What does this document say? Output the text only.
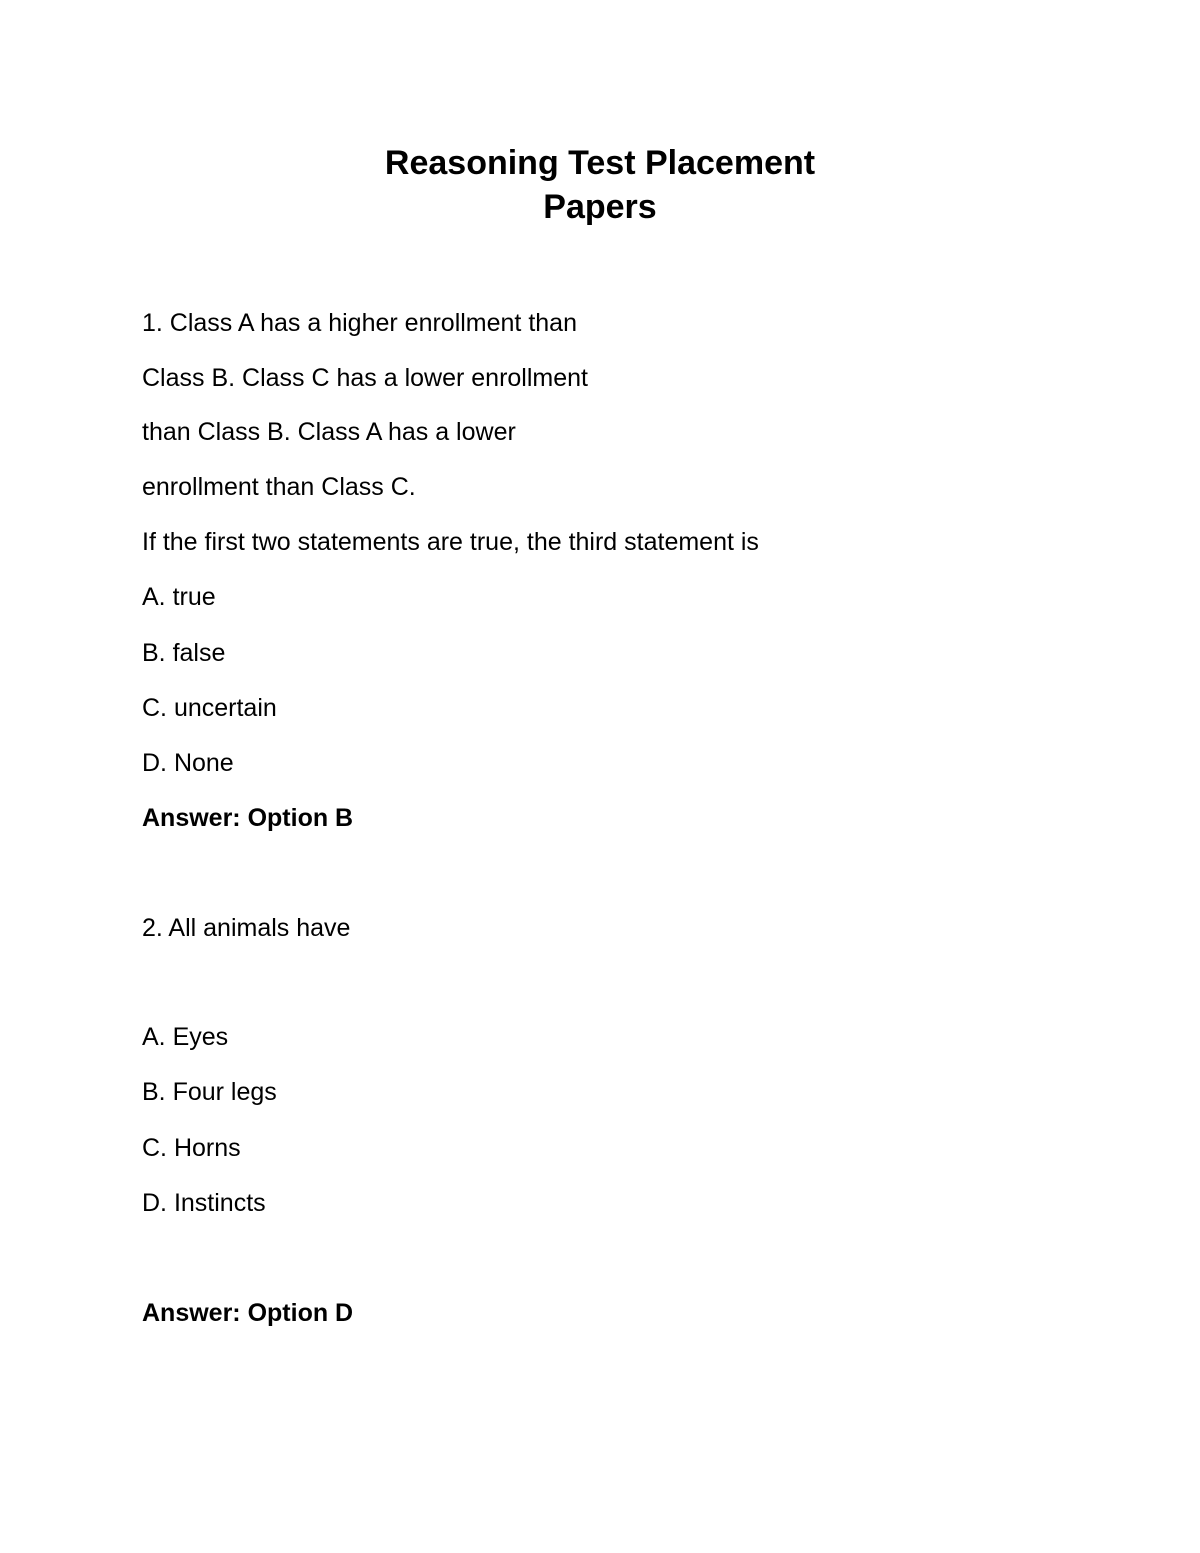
Reasoning Test Placement
Papers
1. Class A has a higher enrollment than
Class B. Class C has a lower enrollment
than Class B. Class A has a lower
enrollment than Class C.
If the first two statements are true, the third statement is
A. true
B. false
C. uncertain
D. None
Answer: Option B
2. All animals have
A. Eyes
B. Four legs
C. Horns
D. Instincts
Answer: Option D
